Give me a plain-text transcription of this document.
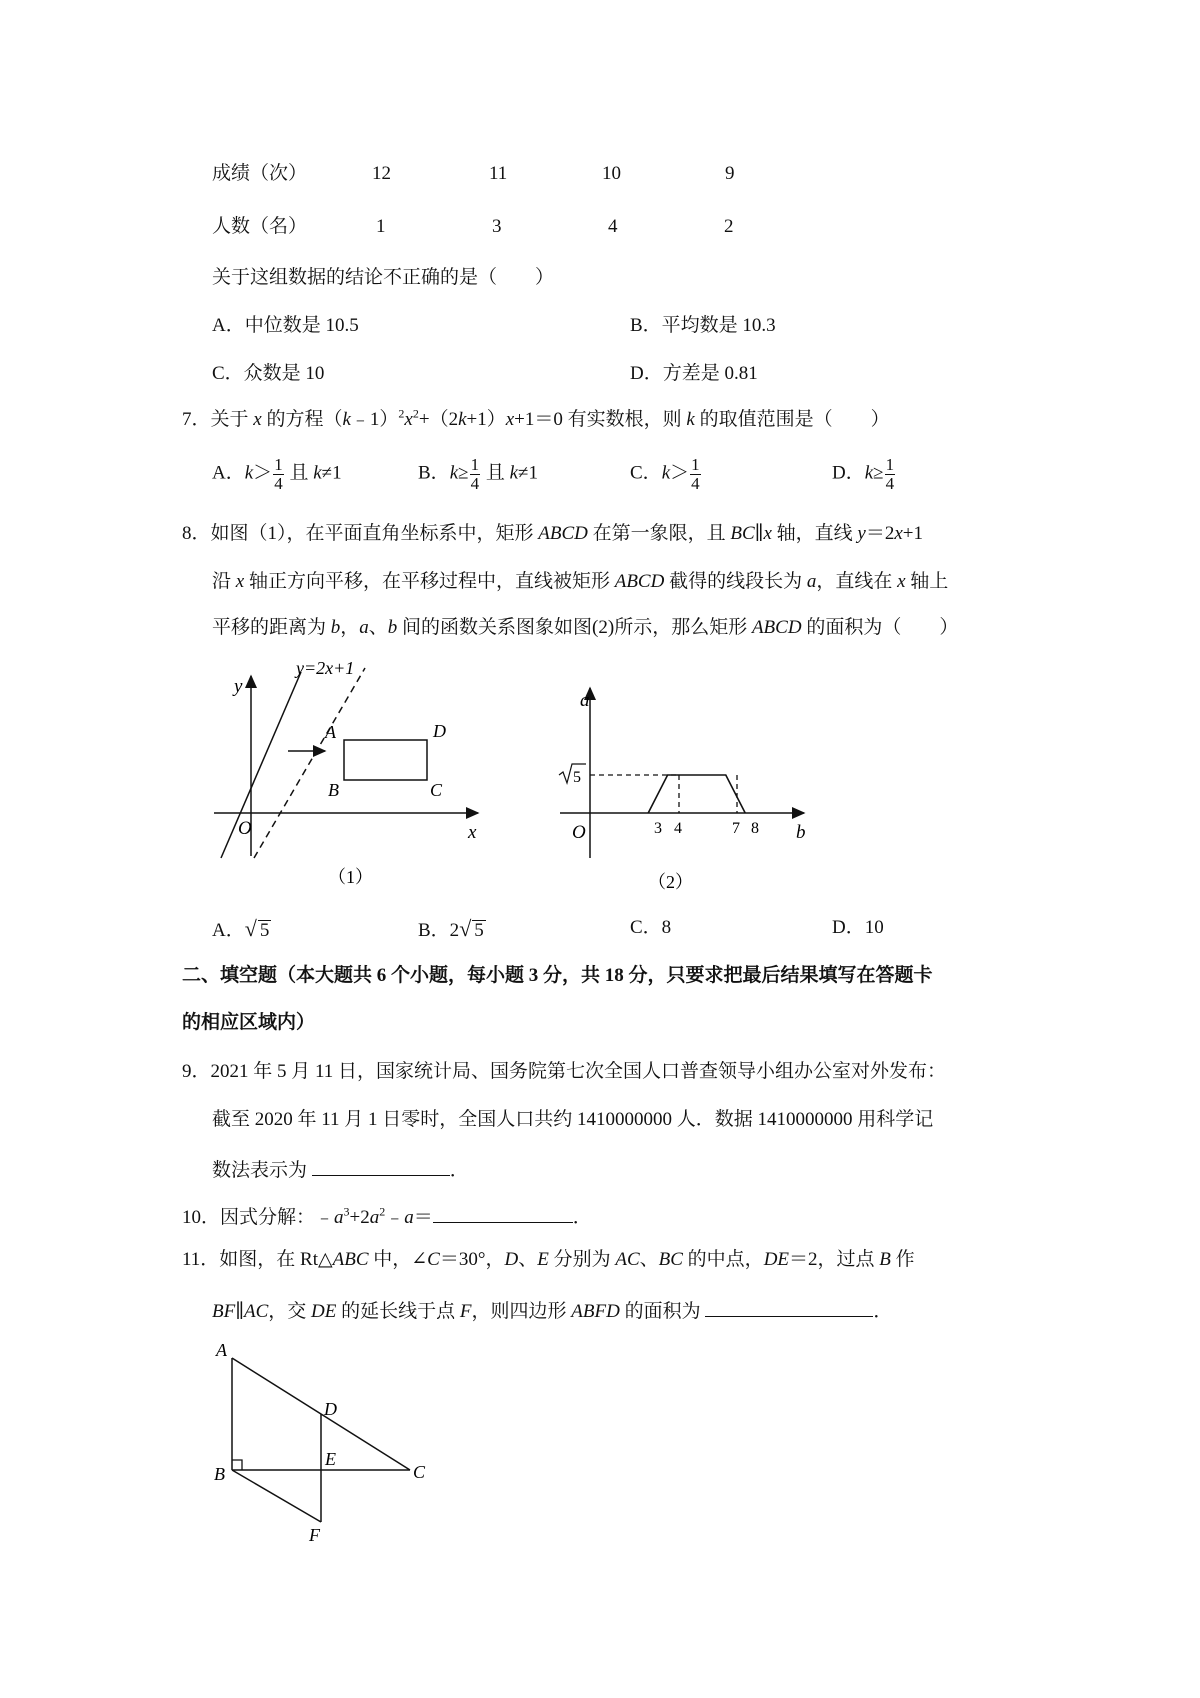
成绩（次）	12	11	10	9
人数（名）	1	3	4	2
关于这组数据的结论不正确的是（　　）
A．中位数是 10.5	B．平均数是 10.3
C．众数是 10	D．方差是 0.81
7．关于 x 的方程$(k﹣1)^2x^2+(2k+1)x+1=0$ 有实数根，则 k 的取值范围是（　　）
A．$k> \frac{1}{4}$ 且 k≠1	B．$k\ge \frac{1}{4}$ 且 k≠1	C．$k> \frac{1}{4}$	D．$k\ge \frac{1}{4}$
8．如图（1），在平面直角坐标系中，矩形 ABCD 在第一象限，且 BC∥x 轴，直线 y＝2x+1
沿 x 轴正方向平移，在平移过程中，直线被矩形 ABCD 截得的线段长为 a，直线在 x 轴上
平移的距离为 b，a、b 间的函数关系图象如图(2)所示，那么矩形 ABCD 的面积为（　　）
y=2x+1
y
x
O
A
B	C
D
（1）
a
b
O
5
3 4	7 8
（2）
A．√ 5	B．2√ 5	C．8	D．10
二、填空题（本大题共 6 个小题，每小题 3 分，共 18 分，只要求把最后结果填写在答题卡
的相应区域内）
9．2021 年 5 月 11 日，国家统计局、国务院第七次全国人口普查领导小组办公室对外发布：
截至 2020 年 11 月 1 日零时，全国人口共约 1410000000 人．数据 1410000000 用科学记
数法表示为	．
10．因式分解：$﹣a^3+2a^2﹣a=$	．
11．如图，在 Rt△ABC 中，∠C＝30°，D、E 分别为 AC、BC 的中点，DE＝2，过点 B 作
BF∥AC，交 DE 的延长线于点 F，则四边形 ABFD 的面积为	．
A
B	C
D
E
F
